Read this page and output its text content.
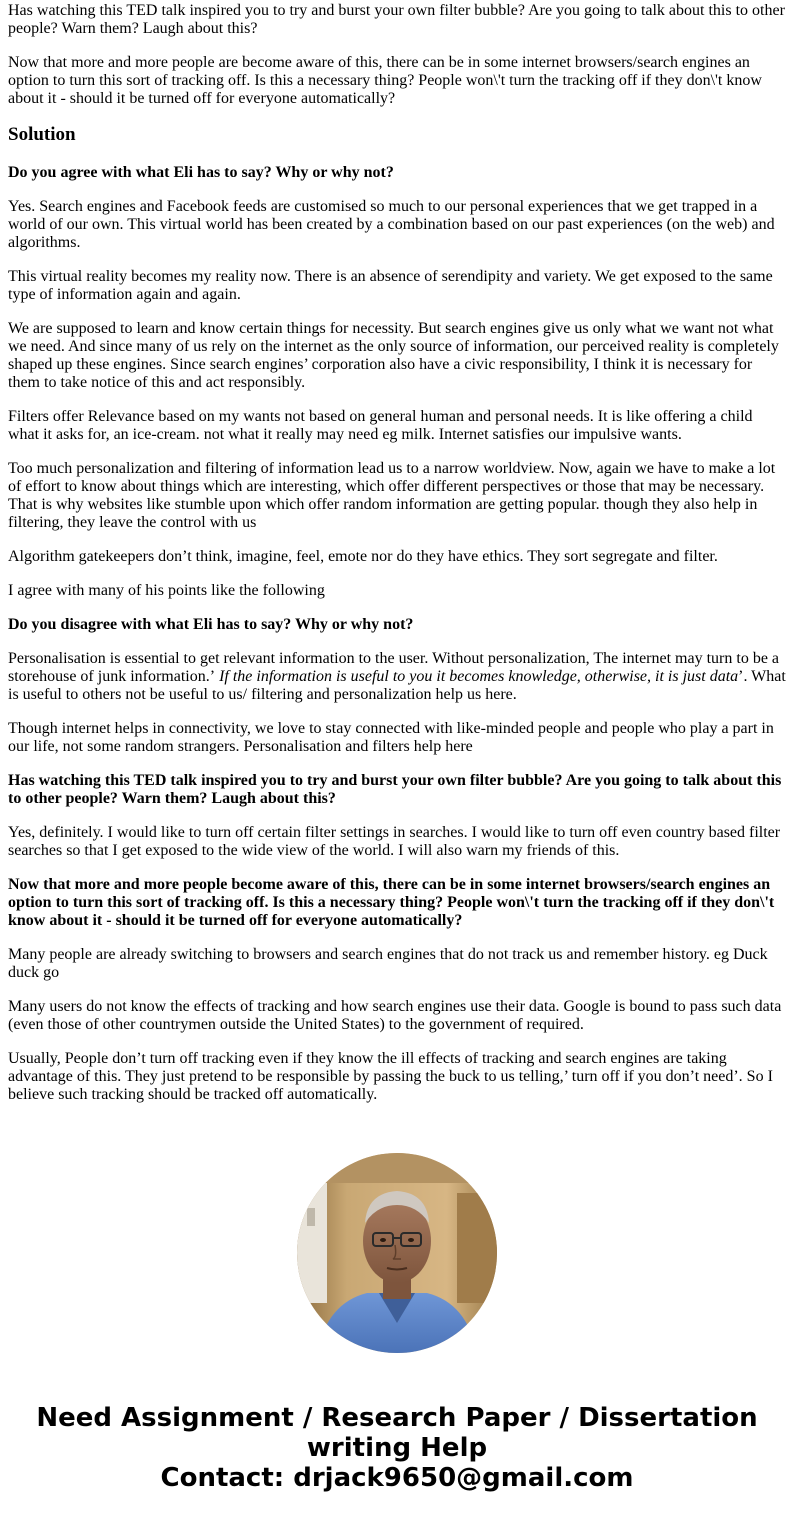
Has watching this TED talk inspired you to try and burst your own filter bubble? Are you going to talk about this to other people? Warn them? Laugh about this?

Now that more and more people are become aware of this, there can be in some internet browsers/search engines an option to turn this sort of tracking off. Is this a necessary thing? People won\'t turn the tracking off if they don\'t know about it - should it be turned off for everyone automatically?

Solution

Do you agree with what Eli has to say? Why or why not?

Yes. Search engines and Facebook feeds are customised so much to our personal experiences that we get trapped in a world of our own. This virtual world has been created by a combination based on our past experiences (on the web) and algorithms.

This virtual reality becomes my reality now. There is an absence of serendipity and variety. We get exposed to the same type of information again and again.

We are supposed to learn and know certain things for necessity. But search engines give us only what we want not what we need. And since many of us rely on the internet as the only source of information, our perceived reality is completely shaped up these engines. Since search engines’ corporation also have a civic responsibility, I think it is necessary for them to take notice of this and act responsibly.

Filters offer Relevance based on my wants not based on general human and personal needs. It is like offering a child what it asks for, an ice-cream. not what it really may need eg milk. Internet satisfies our impulsive wants.

Too much personalization and filtering of information lead us to a narrow worldview. Now, again we have to make a lot of effort to know about things which are interesting, which offer different perspectives or those that may be necessary. That is why websites like stumble upon which offer random information are getting popular. though they also help in filtering, they leave the control with us

Algorithm gatekeepers don’t think, imagine, feel, emote nor do they have ethics. They sort segregate and filter.

I agree with many of his points like the following

Do you disagree with what Eli has to say? Why or why not?

Personalisation is essential to get relevant information to the user. Without personalization, The internet may turn to be a storehouse of junk information.’ If the information is useful to you it becomes knowledge, otherwise, it is just data’. What is useful to others not be useful to us/ filtering and personalization help us here.

Though internet helps in connectivity, we love to stay connected with like-minded people and people who play a part in our life, not some random strangers. Personalisation and filters help here

Has watching this TED talk inspired you to try and burst your own filter bubble? Are you going to talk about this to other people? Warn them? Laugh about this?

Yes, definitely. I would like to turn off certain filter settings in searches. I would like to turn off even country based filter searches so that I get exposed to the wide view of the world. I will also warn my friends of this.

Now that more and more people become aware of this, there can be in some internet browsers/search engines an option to turn this sort of tracking off. Is this a necessary thing? People won\'t turn the tracking off if they don\'t know about it - should it be turned off for everyone automatically?

Many people are already switching to browsers and search engines that do not track us and remember history. eg Duck duck go

Many users do not know the effects of tracking and how search engines use their data. Google is bound to pass such data (even those of other countrymen outside the United States) to the government of required.

Usually, People don’t turn off tracking even if they know the ill effects of tracking and search engines are taking advantage of this. They just pretend to be responsible by passing the buck to us telling,’ turn off if you don’t need’. So I believe such tracking should be tracked off automatically.

Need Assignment / Research Paper / Dissertation
writing Help
Contact: drjack9650@gmail.com
